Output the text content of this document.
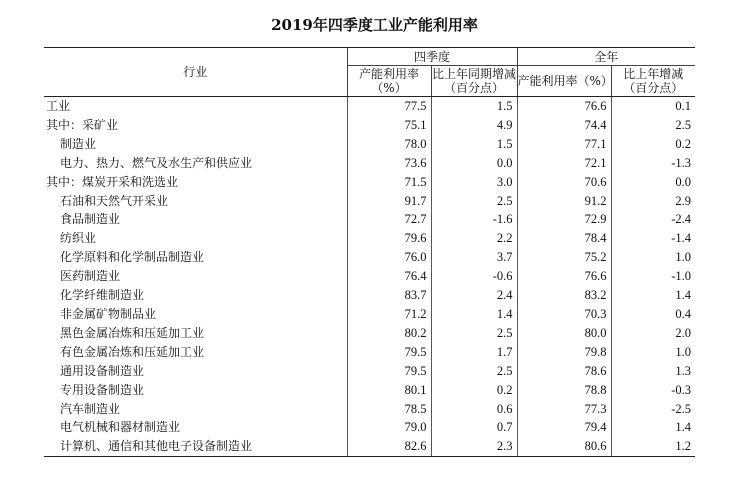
2019年四季度工业产能利用率
行业	四季度		全年	
	产能利用率（%）	比上年同期增减（百分点）	产能利用率（%）	比上年增减（百分点）
工业	77.5	1.5	76.6	0.1
其中：采矿业	75.1	4.9	74.4	2.5
制造业	78.0	1.5	77.1	0.2
电力、热力、燃气及水生产和供应业	73.6	0.0	72.1	-1.3
其中：煤炭开采和洗选业	71.5	3.0	70.6	0.0
石油和天然气开采业	91.7	2.5	91.2	2.9
食品制造业	72.7	-1.6	72.9	-2.4
纺织业	79.6	2.2	78.4	-1.4
化学原料和化学制品制造业	76.0	3.7	75.2	1.0
医药制造业	76.4	-0.6	76.6	-1.0
化学纤维制造业	83.7	2.4	83.2	1.4
非金属矿物制品业	71.2	1.4	70.3	0.4
黑色金属冶炼和压延加工业	80.2	2.5	80.0	2.0
有色金属冶炼和压延加工业	79.5	1.7	79.8	1.0
通用设备制造业	79.5	2.5	78.6	1.3
专用设备制造业	80.1	0.2	78.8	-0.3
汽车制造业	78.5	0.6	77.3	-2.5
电气机械和器材制造业	79.0	0.7	79.4	1.4
计算机、通信和其他电子设备制造业	82.6	2.3	80.6	1.2
